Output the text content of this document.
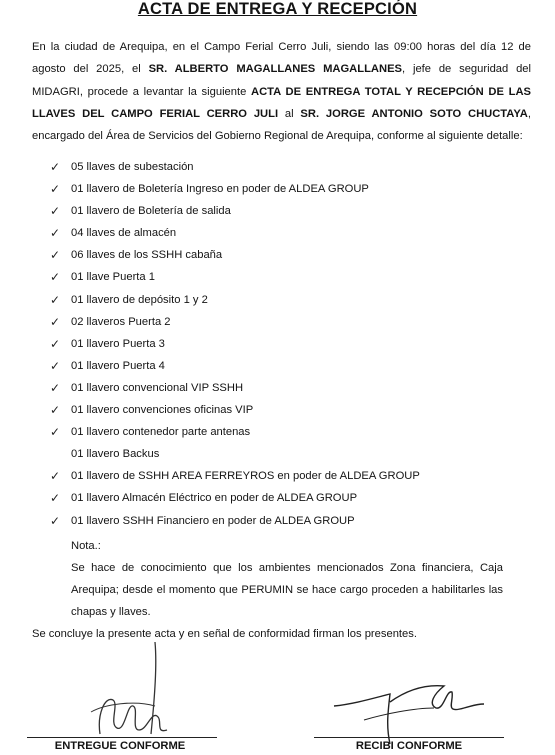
ACTA DE ENTREGA Y RECEPCIÓN

En la ciudad de Arequipa, en el Campo Ferial Cerro Juli, siendo las 09:00 horas del día 12 de agosto del 2025, el SR. ALBERTO MAGALLANES MAGALLANES, jefe de seguridad del MIDAGRI, procede a levantar la siguiente ACTA DE ENTREGA TOTAL Y RECEPCIÓN DE LAS LLAVES DEL CAMPO FERIAL CERRO JULI al SR. JORGE ANTONIO SOTO CHUCTAYA, encargado del Área de Servicios del Gobierno Regional de Arequipa, conforme al siguiente detalle:

✓ 05 llaves de subestación
✓ 01 llavero de Boletería Ingreso en poder de ALDEA GROUP
✓ 01 llavero de Boletería de salida
✓ 04 llaves de almacén
✓ 06 llaves de los SSHH cabaña
✓ 01 llave Puerta 1
✓ 01 llavero de depósito 1 y 2
✓ 02 llaveros Puerta 2
✓ 01 llavero Puerta 3
✓ 01 llavero Puerta 4
✓ 01 llavero convencional VIP SSHH
✓ 01 llavero convenciones oficinas VIP
✓ 01 llavero contenedor parte antenas
01 llavero Backus
✓ 01 llavero de SSHH AREA FERREYROS en poder de ALDEA GROUP
✓ 01 llavero Almacén Eléctrico en poder de ALDEA GROUP
✓ 01 llavero SSHH Financiero en poder de ALDEA GROUP
Nota.:

Se hace de conocimiento que los ambientes mencionados Zona financiera, Caja Arequipa; desde el momento que PERUMIN se hace cargo proceden a habilitarles las chapas y llaves.

Se concluye la presente acta y en señal de conformidad firman los presentes.
ENTREGUE CONFORME	RECIBI CONFORME
